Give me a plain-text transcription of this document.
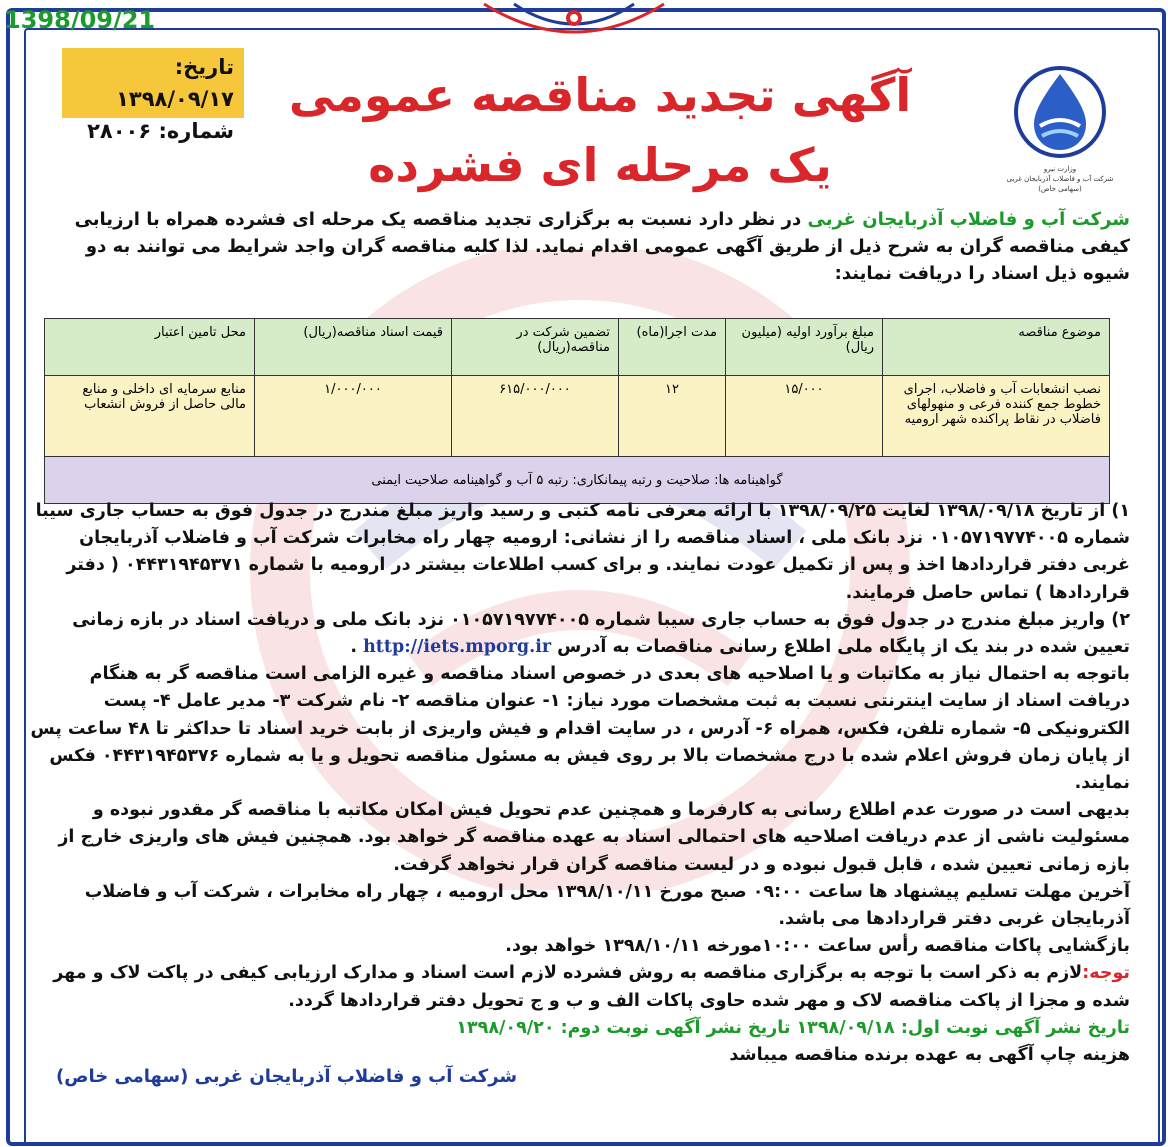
1398/09/21
وزارت نیرو
شرکت آب و فاضلاب آذربایجان غربی
(سهامی خاص)
تاریخ: ۱۳۹۸/۰۹/۱۷
شماره: ۲۸۰۰۶
آگهی تجدید مناقصه عمومی
یک مرحله ای فشرده
شرکت آب و فاضلاب آذربایجان غربی در نظر دارد نسبت به برگزاری تجدید مناقصه یک مرحله ای فشرده همراه با ارزیابی کیفی مناقصه گران به شرح ذیل از طریق آگهی عمومی اقدام نماید. لذا کلیه مناقصه گران واجد شرایط می توانند به دو شیوه ذیل اسناد را دریافت نمایند:
موضوع مناقصه	مبلغ برآورد اولیه (میلیون ریال)	مدت اجرا(ماه)	تضمین شرکت در مناقصه(ریال)	قیمت اسناد مناقصه(ریال)	محل تامین اعتبار
نصب انشعابات آب و فاضلاب، اجرای خطوط جمع کننده فرعی و منهولهای فاضلاب در نقاط پراکنده شهر ارومیه	۱۵/۰۰۰	۱۲	۶۱۵/۰۰۰/۰۰۰	۱/۰۰۰/۰۰۰	منابع سرمایه ای داخلی و منابع مالی حاصل از فروش انشعاب
گواهینامه ها: صلاحیت و رتبه پیمانکاری: رتبه ۵ آب و گواهینامه صلاحیت ایمنی					

۱) از تاریخ ۱۳۹۸/۰۹/۱۸ لغایت ۱۳۹۸/۰۹/۲۵ با ارائه معرفی نامه کتبی و رسید واریز مبلغ مندرج در جدول فوق به حساب جاری سیبا شماره ۰۱۰۵۷۱۹۷۷۴۰۰۵ نزد بانک ملی ، اسناد مناقصه را از نشانی: ارومیه چهار راه مخابرات شرکت آب و فاضلاب آذربایجان غربی دفتر قراردادها اخذ و پس از تکمیل عودت نمایند. و برای کسب اطلاعات بیشتر در ارومیه با شماره ۰۴۴۳۱۹۴۵۳۷۱ ( دفتر قراردادها ) تماس حاصل فرمایند.

۲) واریز مبلغ مندرج در جدول فوق به حساب جاری سیبا شماره ۰۱۰۵۷۱۹۷۷۴۰۰۵ نزد بانک ملی و دریافت اسناد در بازه زمانی تعیین شده در بند یک از پایگاه ملی اطلاع رسانی مناقصات به آدرس http://iets.mporg.ir .

باتوجه به احتمال نیاز به مکاتبات و یا اصلاحیه های بعدی در خصوص اسناد مناقصه و غیره الزامی است مناقصه گر به هنگام دریافت اسناد از سایت اینترنتی نسبت به ثبت مشخصات مورد نیاز: ۱- عنوان مناقصه ۲- نام شرکت ۳- مدیر عامل ۴- پست الکترونیکی ۵- شماره تلفن، فکس، همراه ۶- آدرس ، در سایت اقدام و فیش واریزی از بابت خرید اسناد تا حداکثر تا ۴۸ ساعت پس از پایان زمان فروش اعلام شده با درج مشخصات بالا بر روی فیش به مسئول مناقصه تحویل و یا به شماره ۰۴۴۳۱۹۴۵۳۷۶ فکس نمایند.

بدیهی است در صورت عدم اطلاع رسانی به کارفرما و همچنین عدم تحویل فیش امکان مکاتبه با مناقصه گر مقدور نبوده و مسئولیت ناشی از عدم دریافت اصلاحیه های احتمالی اسناد به عهده مناقصه گر خواهد بود. همچنین فیش های واریزی خارج از بازه زمانی تعیین شده ، قابل قبول نبوده و در لیست مناقصه گران قرار نخواهد گرفت.

آخرین مهلت تسلیم پیشنهاد ها ساعت ۰۹:۰۰ صبح مورخ ۱۳۹۸/۱۰/۱۱ محل ارومیه ، چهار راه مخابرات ، شرکت آب و فاضلاب آذربایجان غربی دفتر قراردادها می باشد.

بازگشایی پاکات مناقصه رأس ساعت ۱۰:۰۰مورخه ۱۳۹۸/۱۰/۱۱ خواهد بود.

توجه:لازم به ذکر است با توجه به برگزاری مناقصه به روش فشرده لازم است اسناد و مدارک ارزیابی کیفی در پاکت لاک و مهر شده و مجزا از پاکت مناقصه لاک و مهر شده حاوی پاکات الف و ب و ج تحویل دفتر قراردادها گردد.

تاریخ نشر آگهی نوبت اول: ۱۳۹۸/۰۹/۱۸ تاریخ نشر آگهی نوبت دوم: ۱۳۹۸/۰۹/۲۰

هزینه چاپ آگهی به عهده برنده مناقصه میباشد

شرکت آب و فاضلاب آذربایجان غربی (سهامی خاص)
